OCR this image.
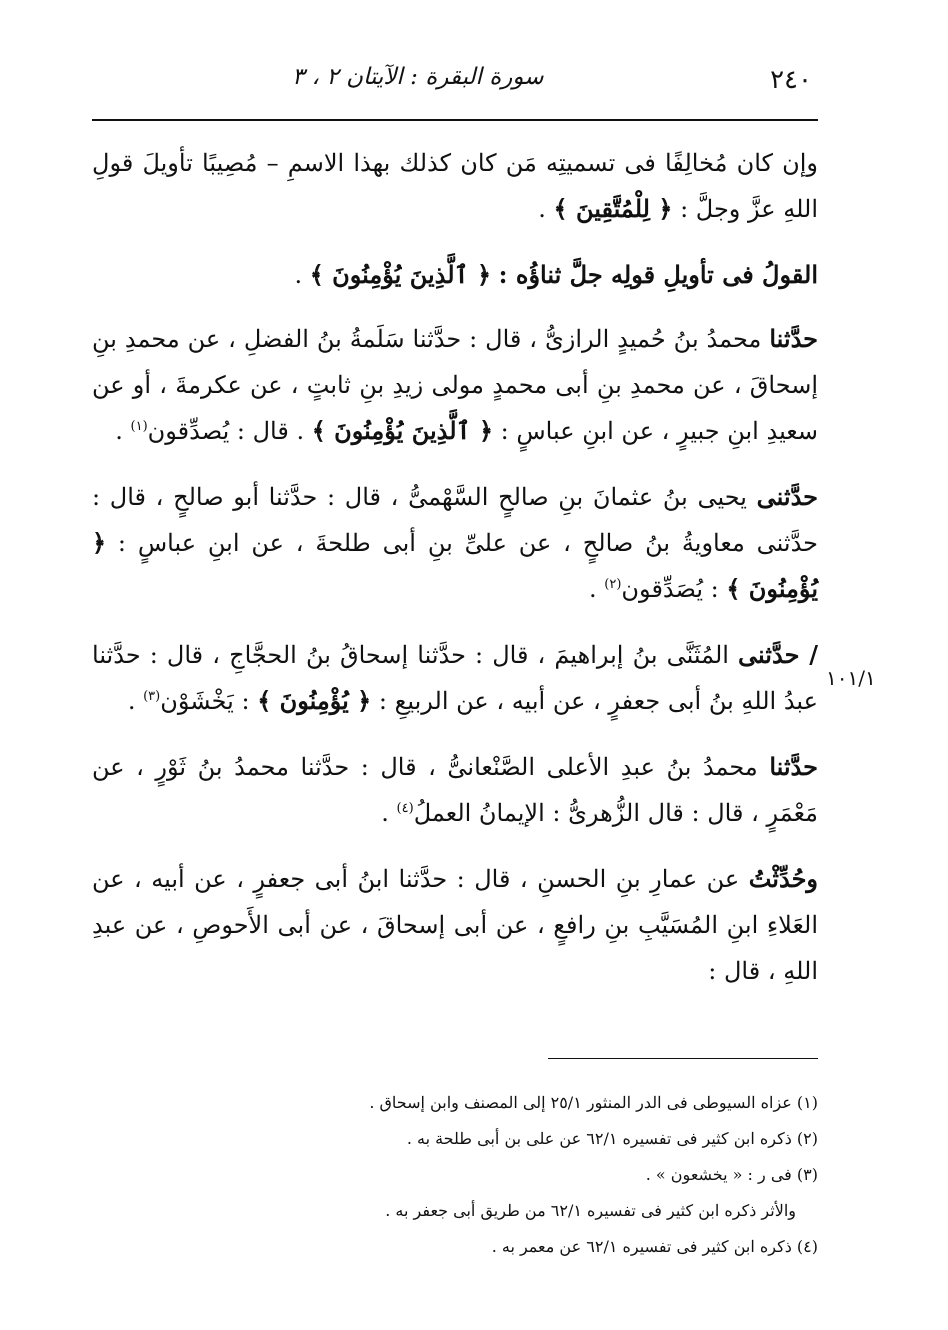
٢٤٠
سورة البقرة : الآيتان ٢ ، ٣
١٠١/١

وإن كان مُخالِفًا فى تسميتِه مَن كان كذلك بهذا الاسمِ – مُصِيبًا تأويلَ قولِ اللهِ عزَّ وجلَّ : ﴿ لِلْمُتَّقِينَ ﴾ .

القولُ فى تأويلِ قولِه جلَّ ثناؤُه : ﴿ ٱلَّذِينَ يُؤْمِنُونَ ﴾ .

حدَّثنا محمدُ بنُ حُميدٍ الرازىُّ ، قال : حدَّثنا سَلَمةُ بنُ الفضلِ ، عن محمدِ بنِ إسحاقَ ، عن محمدِ بنِ أبى محمدٍ مولى زيدِ بنِ ثابتٍ ، عن عكرمةَ ، أو عن سعيدِ ابنِ جبيرٍ ، عن ابنِ عباسٍ : ﴿ ٱلَّذِينَ يُؤْمِنُونَ ﴾ . قال : يُصدِّقون$^{(١)}$ .

حدَّثنى يحيى بنُ عثمانَ بنِ صالحٍ السَّهْمىُّ ، قال : حدَّثنا أبو صالحٍ ، قال : حدَّثنى معاويةُ بنُ صالحٍ ، عن علىِّ بنِ أبى طلحةَ ، عن ابنِ عباسٍ : ﴿ يُؤْمِنُونَ ﴾ : يُصَدِّقون$^{(٢)}$ .

/ حدَّثنى المُثَنَّى بنُ إبراهيمَ ، قال : حدَّثنا إسحاقُ بنُ الحجَّاجِ ، قال : حدَّثنا عبدُ اللهِ بنُ أبى جعفرٍ ، عن أبيه ، عن الربيعِ : ﴿ يُؤْمِنُونَ ﴾ : يَخْشَوْن$^{(٣)}$ .

حدَّثنا محمدُ بنُ عبدِ الأعلى الصَّنْعانىُّ ، قال : حدَّثنا محمدُ بنُ ثَوْرٍ ، عن مَعْمَرٍ ، قال : قال الزُّهرىُّ : الإيمانُ العملُ$^{(٤)}$ .

وحُدِّثْتُ عن عمارِ بنِ الحسنِ ، قال : حدَّثنا ابنُ أبى جعفرٍ ، عن أبيه ، عن العَلاءِ ابنِ المُسَيَّبِ بنِ رافعٍ ، عن أبى إسحاقَ ، عن أبى الأَحوصِ ، عن عبدِ اللهِ ، قال :

(١) عزاه السيوطى فى الدر المنثور ٢٥/١ إلى المصنف وابن إسحاق .

(٢) ذكره ابن كثير فى تفسيره ٦٢/١ عن على بن أبى طلحة به .

(٣) فى ر : « يخشعون » .

والأثر ذكره ابن كثير فى تفسيره ٦٢/١ من طريق أبى جعفر به .

(٤) ذكره ابن كثير فى تفسيره ٦٢/١ عن معمر به .
